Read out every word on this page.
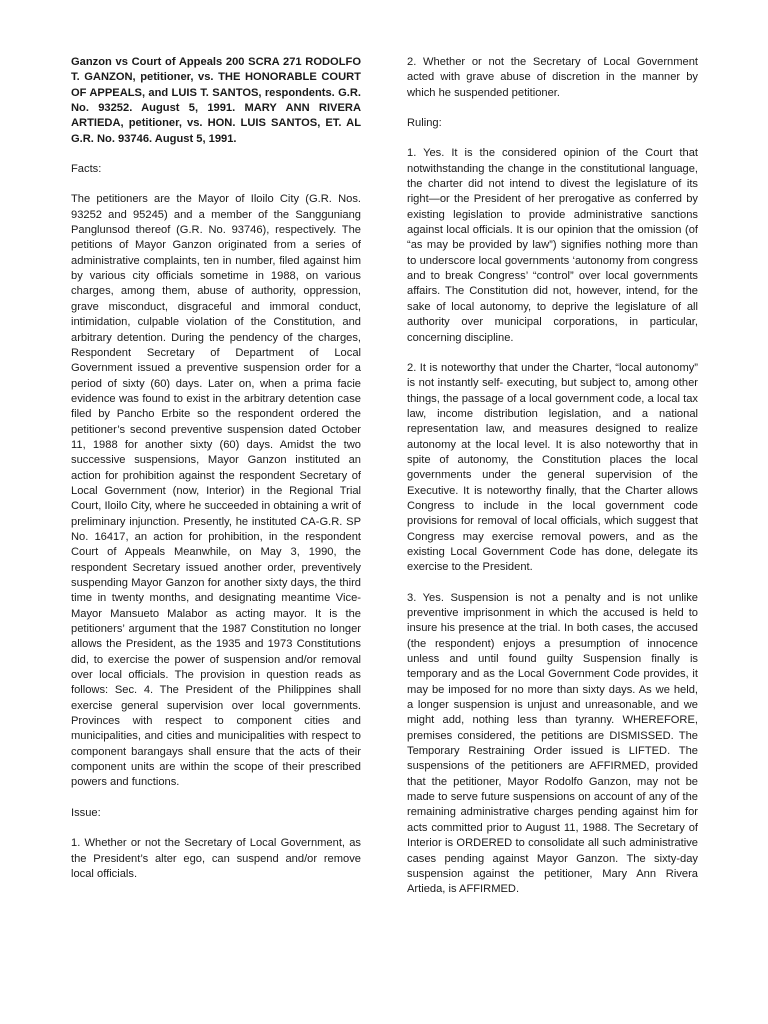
Ganzon vs Court of Appeals 200 SCRA 271 RODOLFO T. GANZON, petitioner, vs. THE HONORABLE COURT OF APPEALS, and LUIS T. SANTOS, respondents. G.R. No. 93252. August 5, 1991. MARY ANN RIVERA ARTIEDA, petitioner, vs. HON. LUIS SANTOS, ET. AL G.R. No. 93746. August 5, 1991.

Facts:

The petitioners are the Mayor of Iloilo City (G.R. Nos. 93252 and 95245) and a member of the Sangguniang Panglunsod thereof (G.R. No. 93746), respectively. The petitions of Mayor Ganzon originated from a series of administrative complaints, ten in number, filed against him by various city officials sometime in 1988, on various charges, among them, abuse of authority, oppression, grave misconduct, disgraceful and immoral conduct, intimidation, culpable violation of the Constitution, and arbitrary detention. During the pendency of the charges, Respondent Secretary of Department of Local Government issued a preventive suspension order for a period of sixty (60) days. Later on, when a prima facie evidence was found to exist in the arbitrary detention case filed by Pancho Erbite so the respondent ordered the petitioner’s second preventive suspension dated October 11, 1988 for another sixty (60) days. Amidst the two successive suspensions, Mayor Ganzon instituted an action for prohibition against the respondent Secretary of Local Government (now, Interior) in the Regional Trial Court, Iloilo City, where he succeeded in obtaining a writ of preliminary injunction. Presently, he instituted CA-G.R. SP No. 16417, an action for prohibition, in the respondent Court of Appeals Meanwhile, on May 3, 1990, the respondent Secretary issued another order, preventively suspending Mayor Ganzon for another sixty days, the third time in twenty months, and designating meantime Vice-Mayor Mansueto Malabor as acting mayor. It is the petitioners’ argument that the 1987 Constitution no longer allows the President, as the 1935 and 1973 Constitutions did, to exercise the power of suspension and/or removal over local officials. The provision in question reads as follows: Sec. 4. The President of the Philippines shall exercise general supervision over local governments. Provinces with respect to component cities and municipalities, and cities and municipalities with respect to component barangays shall ensure that the acts of their component units are within the scope of their prescribed powers and functions.

Issue:

1. Whether or not the Secretary of Local Government, as the President’s alter ego, can suspend and/or remove local officials.

2. Whether or not the Secretary of Local Government acted with grave abuse of discretion in the manner by which he suspended petitioner.

Ruling:

1. Yes. It is the considered opinion of the Court that notwithstanding the change in the constitutional language, the charter did not intend to divest the legislature of its right—or the President of her prerogative as conferred by existing legislation to provide administrative sanctions against local officials. It is our opinion that the omission (of “as may be provided by law”) signifies nothing more than to underscore local governments ‘autonomy from congress and to break Congress’ “control” over local governments affairs. The Constitution did not, however, intend, for the sake of local autonomy, to deprive the legislature of all authority over municipal corporations, in particular, concerning discipline.

2. It is noteworthy that under the Charter, “local autonomy” is not instantly self- executing, but subject to, among other things, the passage of a local government code, a local tax law, income distribution legislation, and a national representation law, and measures designed to realize autonomy at the local level. It is also noteworthy that in spite of autonomy, the Constitution places the local governments under the general supervision of the Executive. It is noteworthy finally, that the Charter allows Congress to include in the local government code provisions for removal of local officials, which suggest that Congress may exercise removal powers, and as the existing Local Government Code has done, delegate its exercise to the President.

3. Yes. Suspension is not a penalty and is not unlike preventive imprisonment in which the accused is held to insure his presence at the trial. In both cases, the accused (the respondent) enjoys a presumption of innocence unless and until found guilty Suspension finally is temporary and as the Local Government Code provides, it may be imposed for no more than sixty days. As we held, a longer suspension is unjust and unreasonable, and we might add, nothing less than tyranny. WHEREFORE, premises considered, the petitions are DISMISSED. The Temporary Restraining Order issued is LIFTED. The suspensions of the petitioners are AFFIRMED, provided that the petitioner, Mayor Rodolfo Ganzon, may not be made to serve future suspensions on account of any of the remaining administrative charges pending against him for acts committed prior to August 11, 1988. The Secretary of Interior is ORDERED to consolidate all such administrative cases pending against Mayor Ganzon. The sixty-day suspension against the petitioner, Mary Ann Rivera Artieda, is AFFIRMED.
